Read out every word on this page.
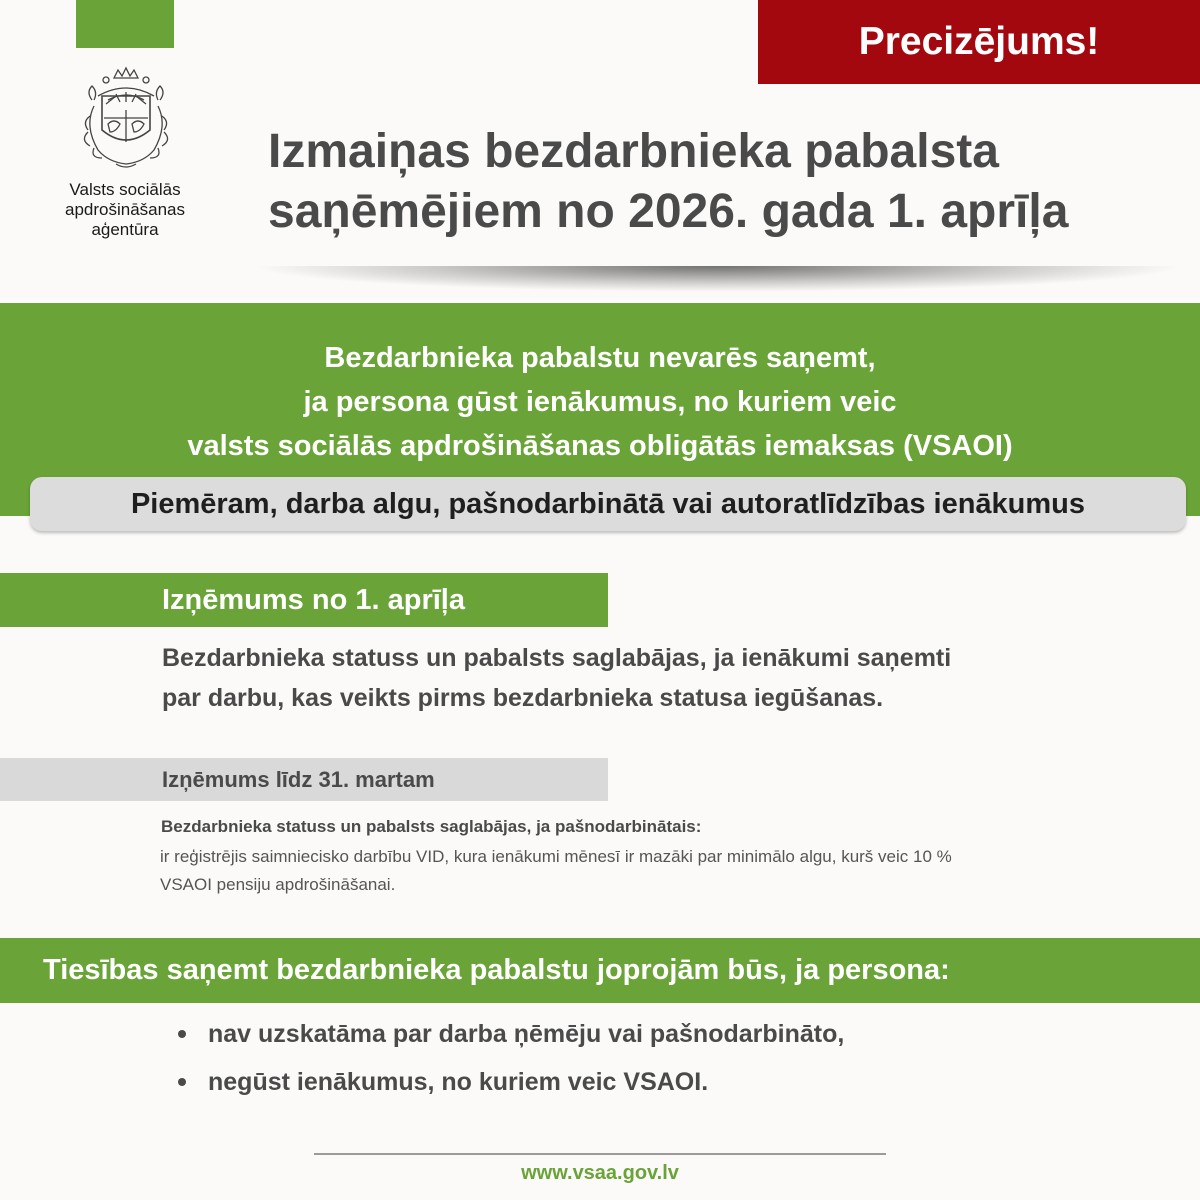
Valsts sociālās
apdrošināšanas
aģentūra
Precizējums!
Izmaiņas bezdarbnieka pabalsta
saņēmējiem no 2026. gada 1. aprīļa
Bezdarbnieka pabalstu nevarēs saņemt,
ja persona gūst ienākumus, no kuriem veic
valsts sociālās apdrošināšanas obligātās iemaksas (VSAOI)
Piemēram, darba algu, pašnodarbinātā vai autoratlīdzības ienākumus
Izņēmums no 1. aprīļa
Bezdarbnieka statuss un pabalsts saglabājas, ja ienākumi saņemti
par darbu, kas veikts pirms bezdarbnieka statusa iegūšanas.
Izņēmums līdz 31. martam
Bezdarbnieka statuss un pabalsts saglabājas, ja pašnodarbinātais:
ir reģistrējis saimniecisko darbību VID, kura ienākumi mēnesī ir mazāki par minimālo algu, kurš veic 10 %
VSAOI pensiju apdrošināšanai.
Tiesības saņemt bezdarbnieka pabalstu joprojām būs, ja persona:
nav uzskatāma par darba ņēmēju vai pašnodarbināto,
negūst ienākumus, no kuriem veic VSAOI.
www.vsaa.gov.lv
